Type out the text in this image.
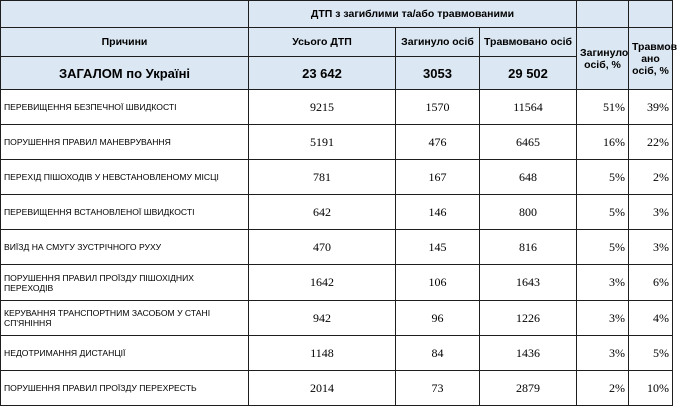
	ДТП з загиблими та/або травмованими				
Причини	Усього ДТП	Загинуло осіб	Травмовано осіб	Загинуло осіб, %	Травмов ано осіб, %
ЗАГАЛОМ по Україні	23 642	3053	29 502		
ПЕРЕВИЩЕННЯ БЕЗПЕЧНОЇ ШВИДКОСТІ	9215	1570	11564	51%	39%
ПОРУШЕННЯ ПРАВИЛ МАНЕВРУВАННЯ	5191	476	6465	16%	22%
ПЕРЕХІД ПІШОХОДІВ У НЕВСТАНОВЛЕНОМУ МІСЦІ	781	167	648	5%	2%
ПЕРЕВИЩЕННЯ ВСТАНОВЛЕНОЇ ШВИДКОСТІ	642	146	800	5%	3%
ВИЇЗД НА СМУГУ ЗУСТРІЧНОГО РУХУ	470	145	816	5%	3%
ПОРУШЕННЯ ПРАВИЛ ПРОЇЗДУ ПІШОХІДНИХ ПЕРЕХОДІВ	1642	106	1643	3%	6%
КЕРУВАННЯ ТРАНСПОРТНИМ ЗАСОБОМ У СТАНІ СП'ЯНІННЯ	942	96	1226	3%	4%
НЕДОТРИМАННЯ ДИСТАНЦІЇ	1148	84	1436	3%	5%
ПОРУШЕННЯ ПРАВИЛ ПРОЇЗДУ ПЕРЕХРЕСТЬ	2014	73	2879	2%	10%
